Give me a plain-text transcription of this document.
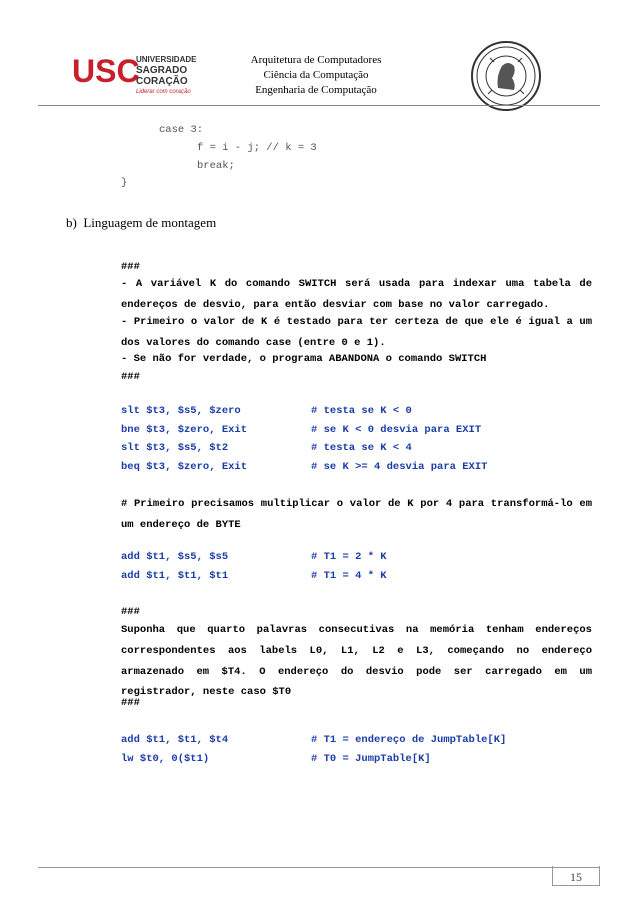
USC
UNIVERSIDADE
SAGRADO
CORAÇÃO
Liderar com coração
Arquitetura de Computadores
Ciência da Computação
Engenharia de Computação
case 3:
f = i - j; // k = 3
break;
}
b)  Linguagem de montagem
###
- A variável K do comando SWITCH será usada para indexar uma tabela de endereços de desvio, para então desviar com base no valor carregado.
- Primeiro o valor de K é testado para ter certeza de que ele é igual a um dos valores do comando case (entre 0 e 1).
- Se não for verdade, o programa ABANDONA o comando SWITCH
###
slt $t3, $s5, $zero	# testa se K < 0
bne $t3, $zero, Exit	# se K < 0 desvia para EXIT
slt $t3, $s5, $t2	# testa se K < 4
beq $t3, $zero, Exit	# se K >= 4 desvia para EXIT
# Primeiro precisamos multiplicar o valor de K por 4 para transformá-lo em um endereço de BYTE
add $t1, $s5, $s5	# T1 = 2 * K
add $t1, $t1, $t1	# T1 = 4 * K
###
Suponha que quarto palavras consecutivas na memória tenham endereços correspondentes aos labels L0, L1, L2 e L3, começando no endereço armazenado em $T4. O endereço do desvio pode ser carregado em um registrador, neste caso $T0
###
add $t1, $t1, $t4	# T1 = endereço de JumpTable[K]
lw $t0, 0($t1)	# T0 = JumpTable[K]
15
